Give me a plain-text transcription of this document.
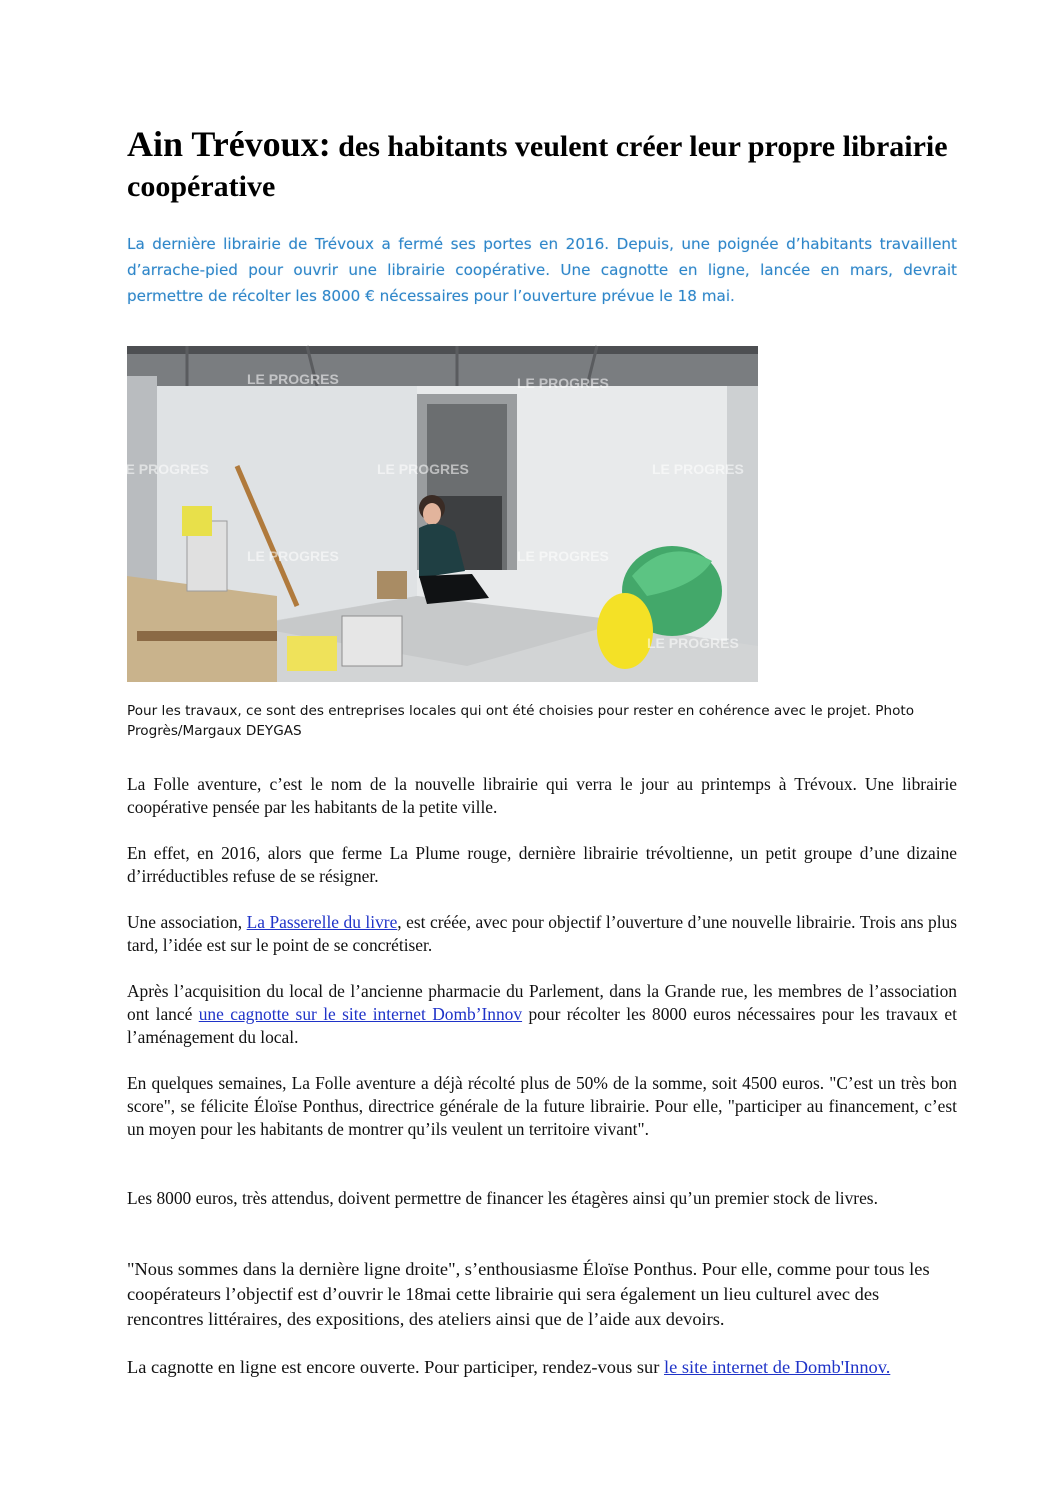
Ain Trévoux: des habitants veulent créer leur propre librairie coopérative

La dernière librairie de Trévoux a fermé ses portes en 2016. Depuis, une poignée d’habitants travaillent d’arrache-pied pour ouvrir une librairie coopérative. Une cagnotte en ligne, lancée en mars, devrait permettre de récolter les 8000 € nécessaires pour l’ouverture prévue le 18 mai.

LE PROGRES	LE PROGRES
LE PROGRES	LE PROGRES	LE PROGRES
LE PROGRES	LE PROGRES
LE PROGRES

Pour les travaux, ce sont des entreprises locales qui ont été choisies pour rester en cohérence avec le projet. Photo Progrès/Margaux DEYGAS

La Folle aventure, c’est le nom de la nouvelle librairie qui verra le jour au printemps à Trévoux. Une librairie coopérative pensée par les habitants de la petite ville.

En effet, en 2016, alors que ferme La Plume rouge, dernière librairie trévoltienne, un petit groupe d’une dizaine d’irréductibles refuse de se résigner.

Une association, La Passerelle du livre, est créée, avec pour objectif l’ouverture d’une nouvelle librairie. Trois ans plus tard, l’idée est sur le point de se concrétiser.

Après l’acquisition du local de l’ancienne pharmacie du Parlement, dans la Grande rue, les membres de l’association ont lancé une cagnotte sur le site internet Domb’Innov pour récolter les 8000 euros nécessaires pour les travaux et l’aménagement du local.

En quelques semaines, La Folle aventure a déjà récolté plus de 50% de la somme, soit 4500 euros. "C’est un très bon score", se félicite Éloïse Ponthus, directrice générale de la future librairie. Pour elle, "participer au financement, c’est un moyen pour les habitants de montrer qu’ils veulent un territoire vivant".

Les 8000 euros, très attendus, doivent permettre de financer les étagères ainsi qu’un premier stock de livres.

"Nous sommes dans la dernière ligne droite", s’enthousiasme Éloïse Ponthus. Pour elle, comme pour tous les coopérateurs l’objectif est d’ouvrir le 18mai cette librairie qui sera également un lieu culturel avec des rencontres littéraires, des expositions, des ateliers ainsi que de l’aide aux devoirs.

La cagnotte en ligne est encore ouverte. Pour participer, rendez-vous sur le site internet de Domb'Innov.
